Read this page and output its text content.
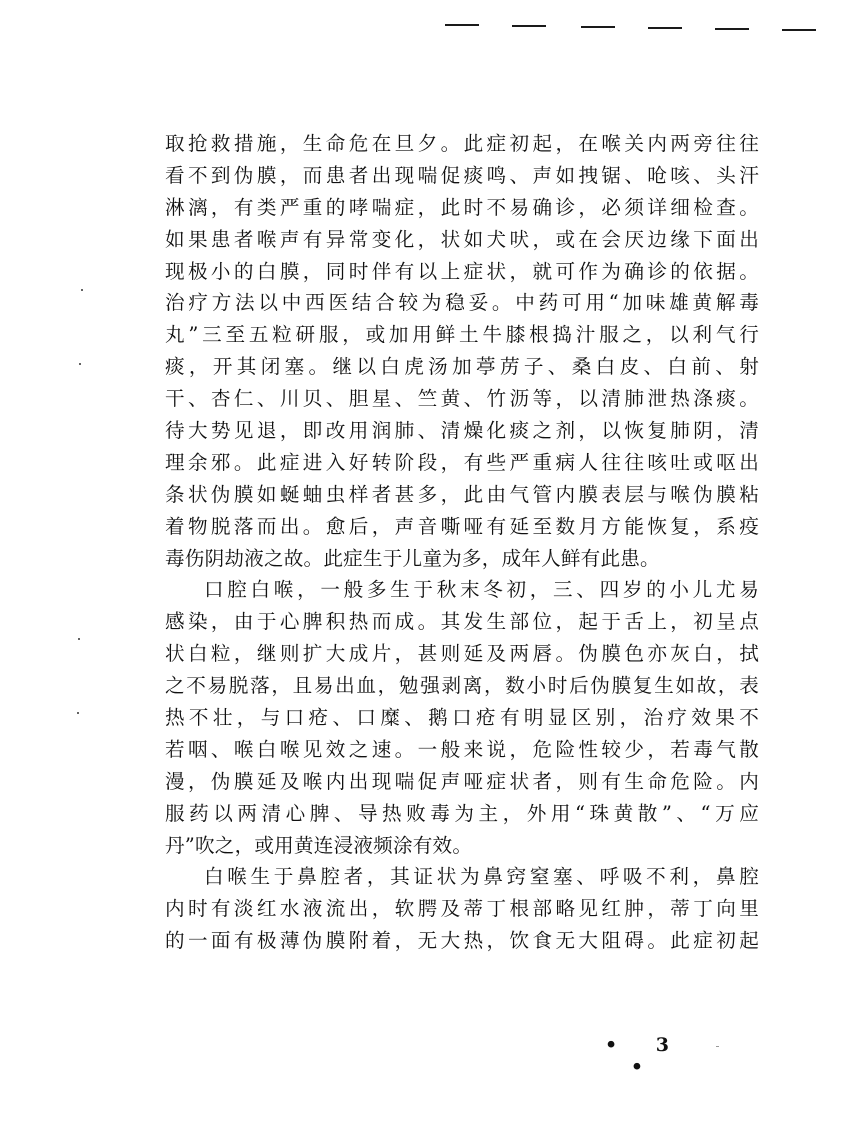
取抢救措施，生命危在旦夕。此症初起，在喉关内两旁往往
看不到伪膜，而患者出现喘促痰鸣、声如拽锯、呛咳、头汗
淋漓，有类严重的哮喘症，此时不易确诊，必须详细检查。
如果患者喉声有异常变化，状如犬吠，或在会厌边缘下面出
现极小的白膜，同时伴有以上症状，就可作为确诊的依据。
治疗方法以中西医结合较为稳妥。中药可用“加味雄黄解毒
丸”三至五粒研服，或加用鲜土牛膝根捣汁服之，以利气行
痰，开其闭塞。继以白虎汤加葶苈子、桑白皮、白前、射
干、杏仁、川贝、胆星、竺黄、竹沥等，以清肺泄热涤痰。
待大势见退，即改用润肺、清燥化痰之剂，以恢复肺阴，清
理余邪。此症进入好转阶段，有些严重病人往往咳吐或呕出
条状伪膜如蜒蚰虫样者甚多，此由气管内膜表层与喉伪膜粘
着物脱落而出。愈后，声音嘶哑有延至数月方能恢复，系疫
毒伤阴劫液之故。此症生于儿童为多，成年人鲜有此患。
口腔白喉，一般多生于秋末冬初，三、四岁的小儿尤易
感染，由于心脾积热而成。其发生部位，起于舌上，初呈点
状白粒，继则扩大成片，甚则延及两唇。伪膜色亦灰白，拭
之不易脱落，且易出血，勉强剥离，数小时后伪膜复生如故，表
热不壮，与口疮、口糜、鹅口疮有明显区别，治疗效果不
若咽、喉白喉见效之速。一般来说，危险性较少，若毒气散
漫，伪膜延及喉内出现喘促声哑症状者，则有生命危险。内
服药以两清心脾、导热败毒为主，外用“珠黄散”、“万应
丹”吹之，或用黄连浸液频涂有效。
白喉生于鼻腔者，其证状为鼻窍窒塞、呼吸不利，鼻腔
内时有淡红水液流出，软腭及蒂丁根部略见红肿，蒂丁向里
的一面有极薄伪膜附着，无大热，饮食无大阻碍。此症初起
• 3 •
